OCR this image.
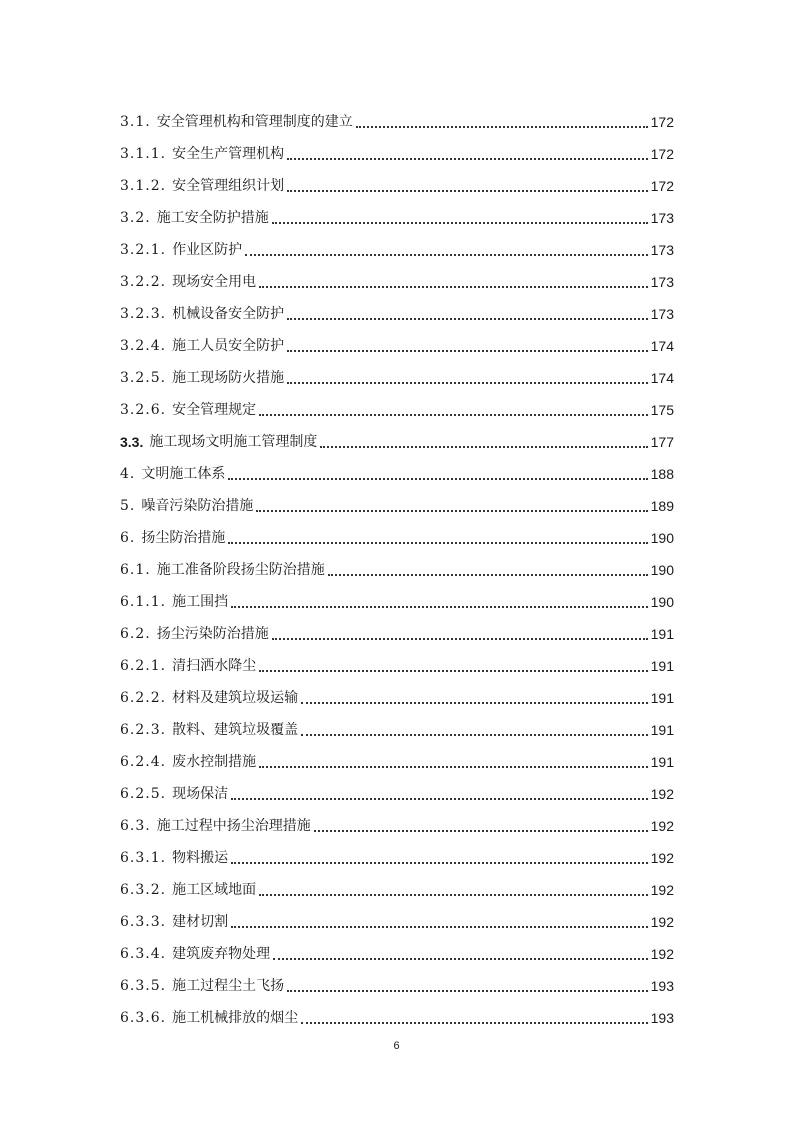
3.1. 安全管理机构和管理制度的建立	172
3.1.1. 安全生产管理机构	172
3.1.2. 安全管理组织计划	172
3.2. 施工安全防护措施	173
3.2.1. 作业区防护	173
3.2.2. 现场安全用电	173
3.2.3. 机械设备安全防护	173
3.2.4. 施工人员安全防护	174
3.2.5. 施工现场防火措施	174
3.2.6. 安全管理规定	175
3.3. 施工现场文明施工管理制度	177
4. 文明施工体系	188
5. 噪音污染防治措施	189
6. 扬尘防治措施	190
6.1. 施工准备阶段扬尘防治措施	190
6.1.1. 施工围挡	190
6.2. 扬尘污染防治措施	191
6.2.1. 清扫洒水降尘	191
6.2.2. 材料及建筑垃圾运输	191
6.2.3. 散料、建筑垃圾覆盖	191
6.2.4. 废水控制措施	191
6.2.5. 现场保洁	192
6.3. 施工过程中扬尘治理措施	192
6.3.1. 物料搬运	192
6.3.2. 施工区域地面	192
6.3.3. 建材切割	192
6.3.4. 建筑废弃物处理	192
6.3.5. 施工过程尘土飞扬	193
6.3.6. 施工机械排放的烟尘	193
6
